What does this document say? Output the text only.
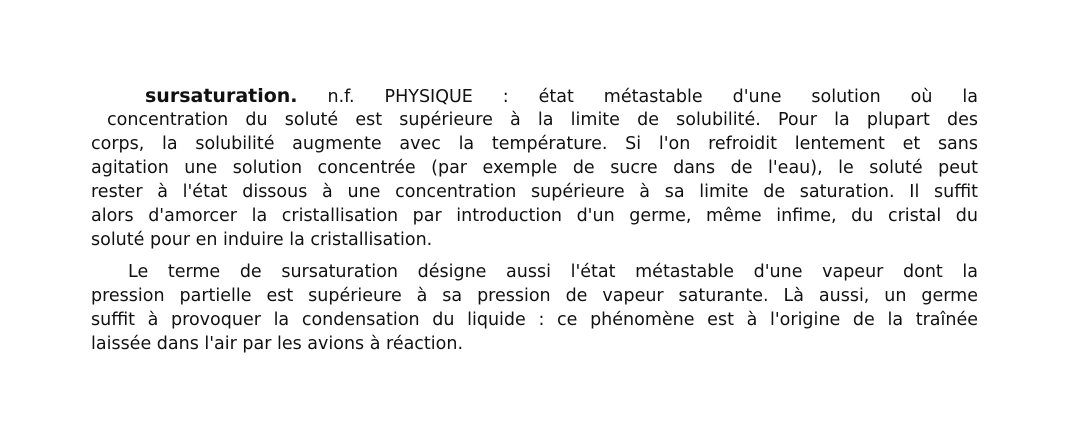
sursaturation. n.f. PHYSIQUE : état métastable d'une solution où la
concentration du soluté est supérieure à la limite de solubilité. Pour la plupart des
corps, la solubilité augmente avec la température. Si l'on refroidit lentement et sans
agitation une solution concentrée (par exemple de sucre dans de l'eau), le soluté peut
rester à l'état dissous à une concentration supérieure à sa limite de saturation. Il suffit
alors d'amorcer la cristallisation par introduction d'un germe, même infime, du cristal du
soluté pour en induire la cristallisation.
Le terme de sursaturation désigne aussi l'état métastable d'une vapeur dont la
pression partielle est supérieure à sa pression de vapeur saturante. Là aussi, un germe
suffit à provoquer la condensation du liquide : ce phénomène est à l'origine de la traînée
laissée dans l'air par les avions à réaction.
